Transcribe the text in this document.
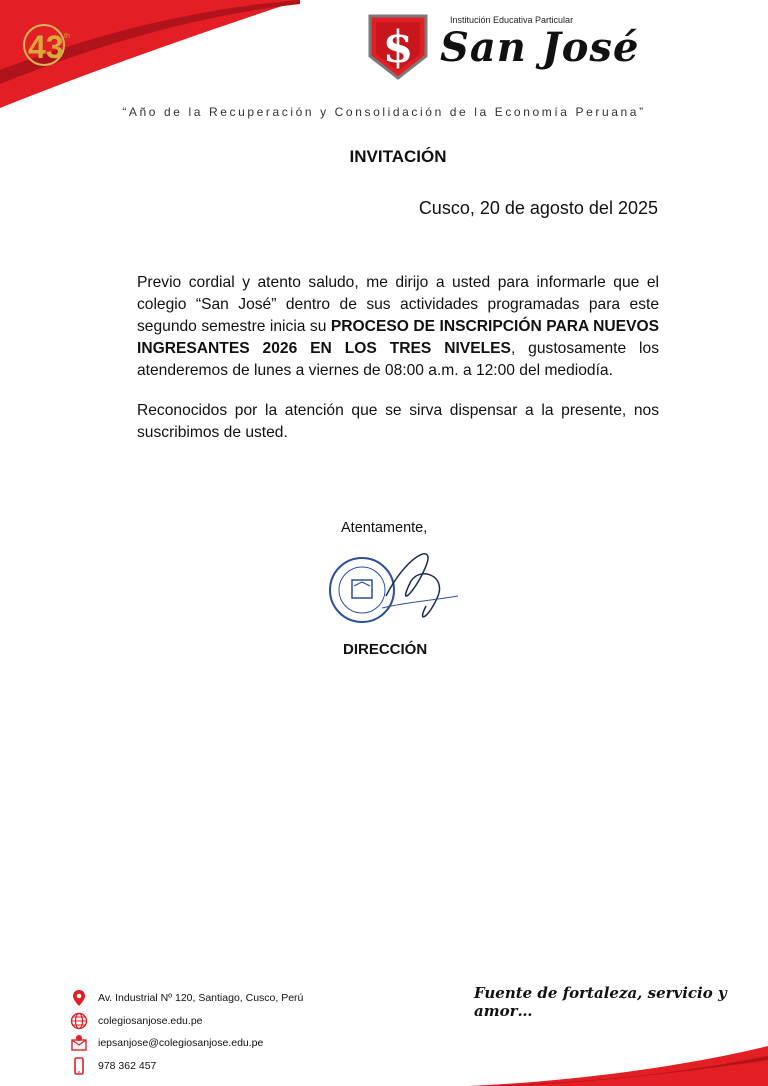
43 th	$
Institución Educativa Particular
San José
“Año de la Recuperación y Consolidación de la Economía Peruana”
INVITACIÓN
Cusco, 20 de agosto del 2025

Previo cordial y atento saludo, me dirijo a usted para informarle que el colegio “San José” dentro de sus actividades programadas para este segundo semestre inicia su PROCESO DE INSCRIPCIÓN PARA NUEVOS INGRESANTES 2026 EN LOS TRES NIVELES, gustosamente los atenderemos de lunes a viernes de 08:00 a.m. a 12:00 del mediodía.

Reconocidos por la atención que se sirva dispensar a la presente, nos suscribimos de usted.

Atentamente,
DIRECCIÓN
Av. Industrial Nº 120, Santiago, Cusco, Perú
colegiosanjose.edu.pe
iepsanjose@colegiosanjose.edu.pe
978 362 457
Fuente de fortaleza, servicio y amor…
